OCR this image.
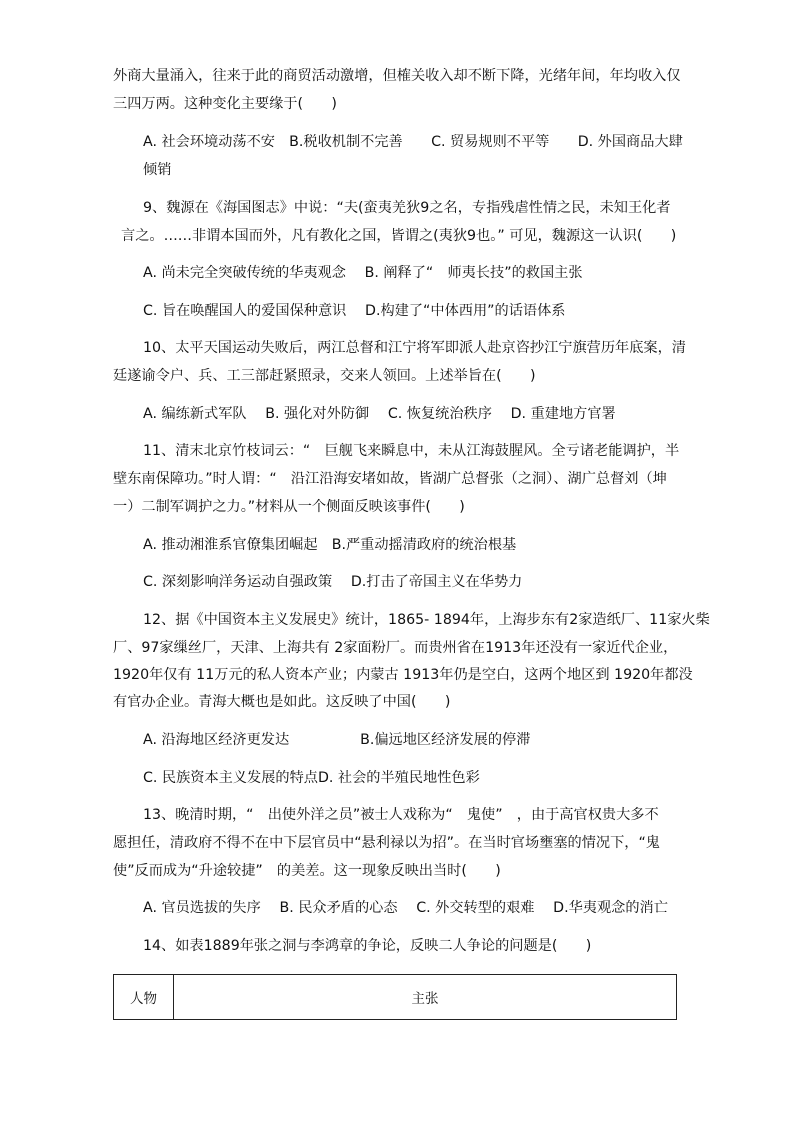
外商大量涌入，往来于此的商贸活动激增，但榷关收入却不断下降，光绪年间，年均收入仅
三四万两。这种变化主要缘于(　　)
A. 社会环境动荡不安　B.税收机制不完善　　C. 贸易规则不平等　　D. 外国商品大肆
倾销
9、魏源在《海国图志》中说：“夫(蛮夷羌狄9之名，专指残虐性情之民，未知王化者
言之。……非谓本国而外，凡有教化之国，皆谓之(夷狄9也。” 可见，魏源这一认识(　　)
A. 尚未完全突破传统的华夷观念　 B. 阐释了“　师夷长技”的救国主张
C. 旨在唤醒国人的爱国保种意识　 D.构建了“中体西用”的话语体系
10、太平天国运动失败后，两江总督和江宁将军即派人赴京咨抄江宁旗营历年底案，清
廷遂谕令户、兵、工三部赶紧照录，交来人领回。上述举旨在(　　)
A. 编练新式军队　 B. 强化对外防御　 C. 恢复统治秩序　 D. 重建地方官署
11、清末北京竹枝词云：“　巨舰飞来瞬息中，未从江海鼓腥风。全亏诸老能调护，半
壁东南保障功。”时人谓：“　沿江沿海安堵如故，皆湖广总督张（之洞）、湖广总督刘（坤
一）二制军调护之力。”材料从一个侧面反映该事件(　　)
A. 推动湘淮系官僚集团崛起　B.严重动摇清政府的统治根基
C. 深刻影响洋务运动自强政策　 D.打击了帝国主义在华势力
12、据《中国资本主义发展史》统计，1865- 1894年，上海步东有2家造纸厂、11家火柴
厂、97家缫丝厂，天津、上海共有 2家面粉厂。而贵州省在1913年还没有一家近代企业，
1920年仅有 11万元的私人资本产业；内蒙古 1913年仍是空白，这两个地区到 1920年都没
有官办企业。青海大概也是如此。这反映了中国(　　)
A. 沿海地区经济更发达　　　　　B.偏远地区经济发展的停滞
C. 民族资本主义发展的特点D. 社会的半殖民地性色彩
13、晚清时期，“　出使外洋之员”被士人戏称为“　鬼使”　，由于高官权贵大多不
愿担任，清政府不得不在中下层官员中“悬利禄以为招”。在当时官场壅塞的情况下，“鬼
使”反而成为“升途较捷”　的美差。这一现象反映出当时(　　)
A. 官员选拔的失序　 B. 民众矛盾的心态　 C. 外交转型的艰难　 D.华夷观念的消亡
14、如表1889年张之洞与李鸿章的争论，反映二人争论的问题是(　　)
人物	主张
